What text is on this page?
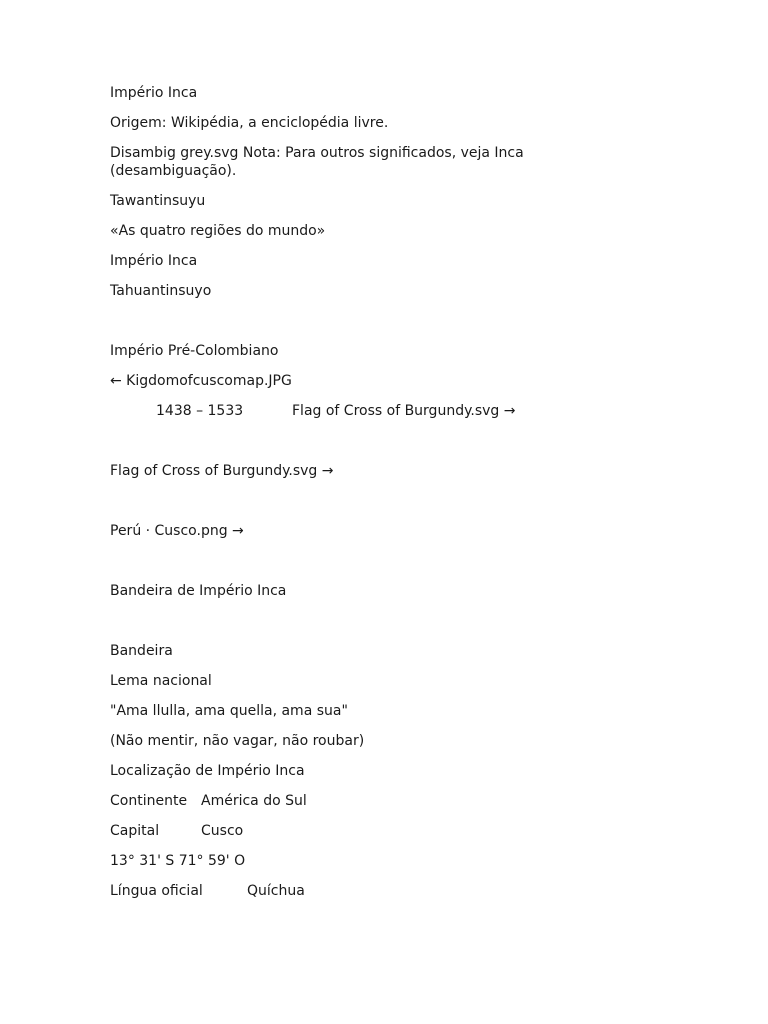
Império Inca
Origem: Wikipédia, a enciclopédia livre.
Disambig grey.svg Nota: Para outros significados, veja Inca (desambiguação).
Tawantinsuyu
«As quatro regiões do mundo»
Império Inca
Tahuantinsuyo
Império Pré-Colombiano
← Kigdomofcuscomap.JPG
1438 – 1533	Flag of Cross of Burgundy.svg →
Flag of Cross of Burgundy.svg →
Perú · Cusco.png →
Bandeira de Império Inca
Bandeira
Lema nacional
"Ama llulla, ama quella, ama sua"
(Não mentir, não vagar, não roubar)
Localização de Império Inca
Continente América do Sul
Capital	Cusco
13° 31' S 71° 59' O
Língua oficial	Quíchua
